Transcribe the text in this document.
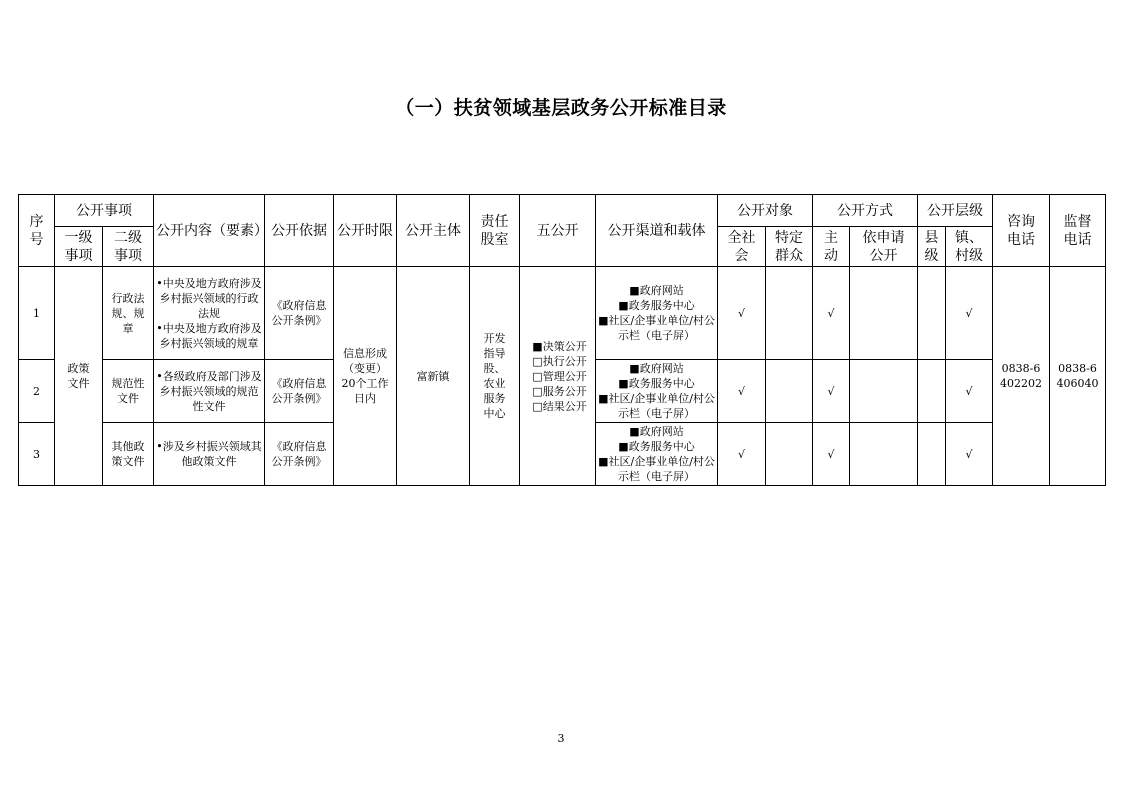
（一）扶贫领域基层政务公开标准目录
序号	公开事项		公开内容（要素）	公开依据	公开时限	公开主体	责任股室	五公开	公开渠道和载体	公开对象		公开方式		公开层级		咨询电话	监督电话
	一级事项	二级事项								全社会	特定群众	主动	依申请公开	县级	镇、村级		
1	政策文件	行政法规、规章	•中央及地方政府涉及乡村振兴领域的行政法规
•中央及地方政府涉及乡村振兴领域的规章	《政府信息公开条例》	信息形成（变更）20个工作日内	富新镇	开发指导股、农业服务中心	■决策公开
□执行公开
□管理公开
□服务公开
□结果公开	■政府网站
■政务服务中心
■社区/企事业单位/村公示栏（电子屏）	√		√			√	0838-6402202	0838-6406040
2		规范性文件	•各级政府及部门涉及乡村振兴领域的规范性文件	《政府信息公开条例》					■政府网站
■政务服务中心
■社区/企事业单位/村公示栏（电子屏）	√		√			√		
3		其他政策文件	•涉及乡村振兴领域其他政策文件	《政府信息公开条例》					■政府网站
■政务服务中心
■社区/企事业单位/村公示栏（电子屏）	√		√			√		
3
